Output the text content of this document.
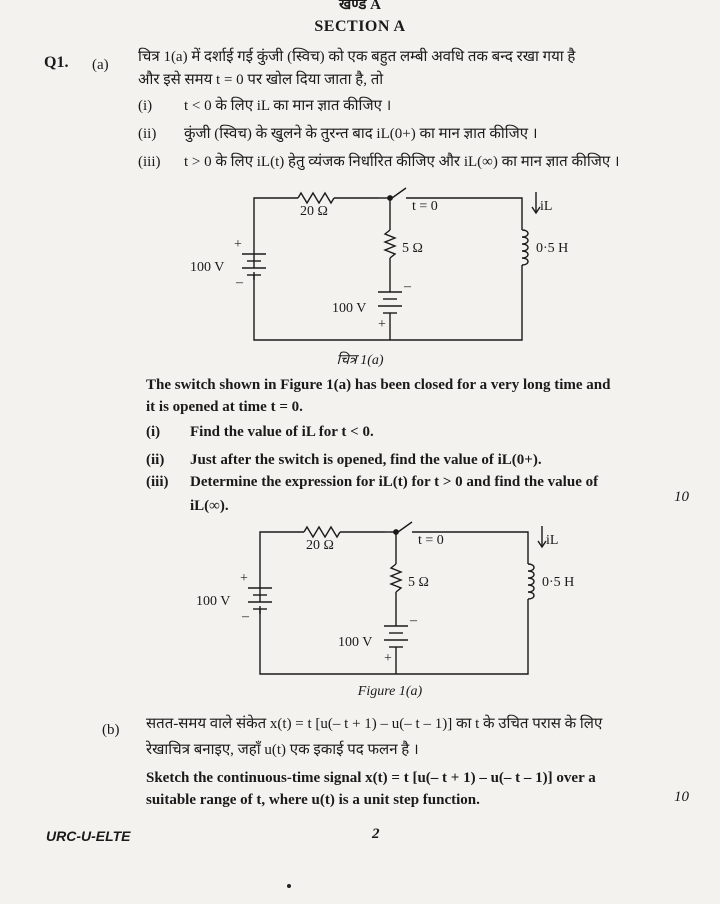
खण्ड A
SECTION A
Q1. (a) चित्र 1(a) में दर्शाई गई कुंजी (स्विच) को एक बहुत लम्बी अवधि तक बन्द रखा गया है
और इसे समय t = 0 पर खोल दिया जाता है, तो
(i) t < 0 के लिए iL का मान ज्ञात कीजिए ।
(ii) कुंजी (स्विच) के खुलने के तुरन्त बाद iL(0+) का मान ज्ञात कीजिए ।
(iii) t > 0 के लिए iL(t) हेतु व्यंजक निर्धारित कीजिए और iL(∞) का मान ज्ञात कीजिए ।
20 Ω	t = 0	iL
5 Ω	0·5 H
100 V
+
–
100 V
–
+
चित्र 1(a)
The switch shown in Figure 1(a) has been closed for a very long time and
it is opened at time t = 0.
(i) Find the value of iL for t < 0.
(ii) Just after the switch is opened, find the value of iL(0+).
(iii) Determine the expression for iL(t) for t > 0 and find the value of
iL(∞).
10
20 Ω	t = 0	iL
5 Ω	0·5 H
100 V
+
–
100 V
–
+
Figure 1(a)
(b) सतत-समय वाले संकेत x(t) = t [u(– t + 1) – u(– t – 1)] का t के उचित परास के लिए
रेखाचित्र बनाइए, जहाँ u(t) एक इकाई पद फलन है ।
Sketch the continuous-time signal x(t) = t [u(– t + 1) – u(– t – 1)] over a
suitable range of t, where u(t) is a unit step function.	10
URC-U-ELTE	2
